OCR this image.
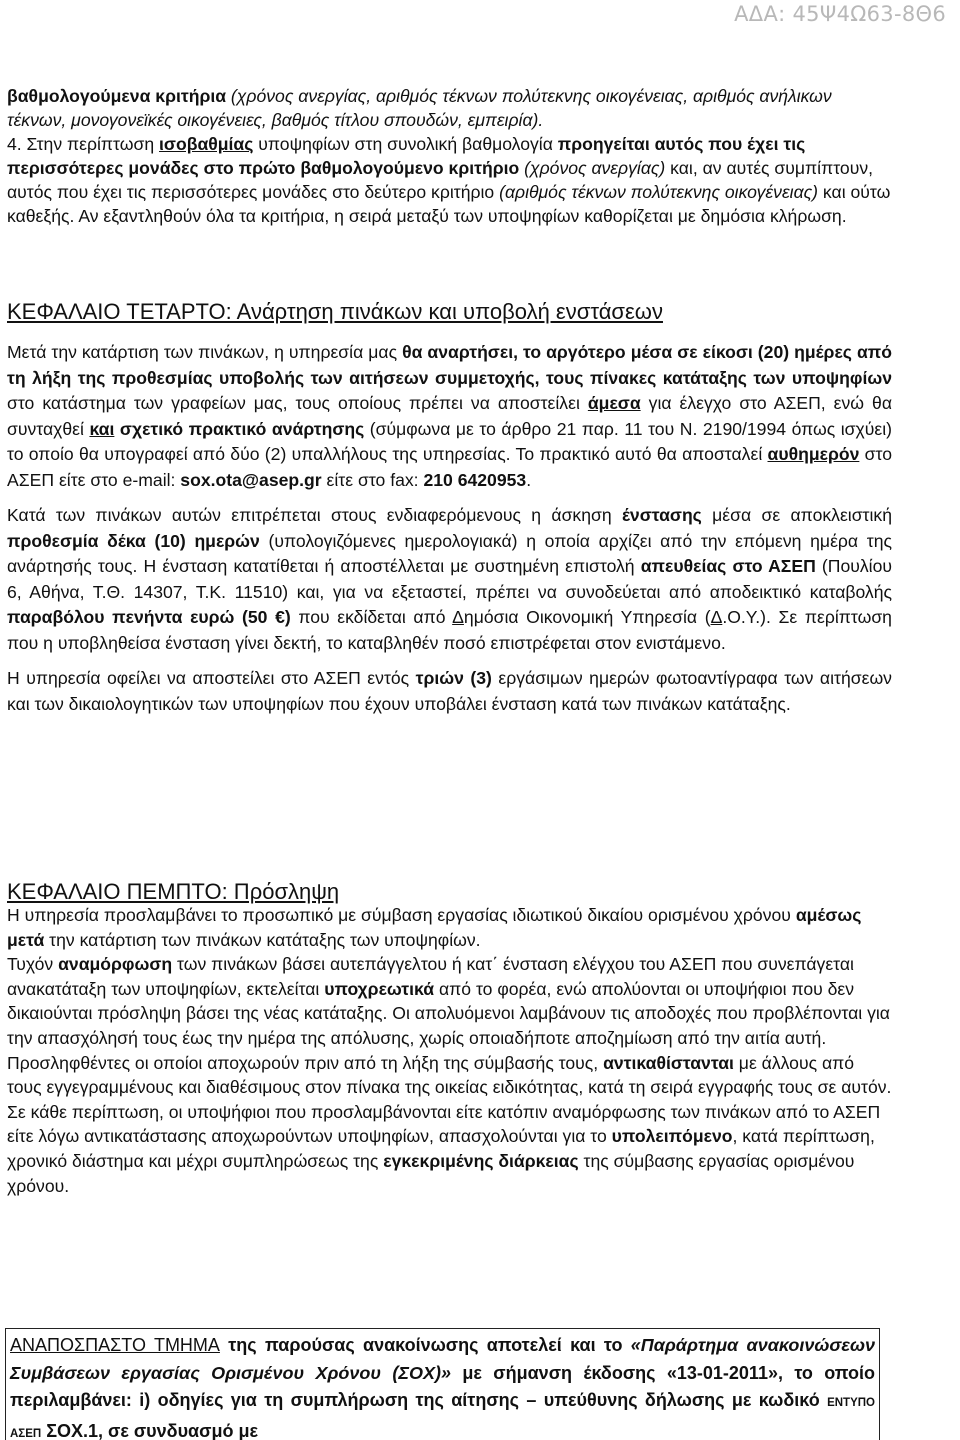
ΑΔΑ: 45Ψ4Ω63-8Θ6

βαθμολογούμενα κριτήρια (χρόνος ανεργίας, αριθμός τέκνων πολύτεκνης οικογένειας, αριθμός ανήλικων τέκνων, μονογονεϊκές οικογένειες, βαθμός τίτλου σπουδών, εμπειρία).

4. Στην περίπτωση ισοβαθμίας υποψηφίων στη συνολική βαθμολογία προηγείται αυτός που έχει τις περισσότερες μονάδες στο πρώτο βαθμολογούμενο κριτήριο (χρόνος ανεργίας) και, αν αυτές συμπίπτουν, αυτός που έχει τις περισσότερες μονάδες στο δεύτερο κριτήριο (αριθμός τέκνων πολύτεκνης οικογένειας) και ούτω καθεξής. Αν εξαντληθούν όλα τα κριτήρια, η σειρά μεταξύ των υποψηφίων καθορίζεται με δημόσια κλήρωση.

ΚΕΦΑΛΑΙΟ ΤΕΤΑΡΤΟ: Ανάρτηση πινάκων και υποβολή ενστάσεων

Μετά την κατάρτιση των πινάκων, η υπηρεσία μας θα αναρτήσει, το αργότερο μέσα σε είκοσι (20) ημέρες από τη λήξη της προθεσμίας υποβολής των αιτήσεων συμμετοχής, τους πίνακες κατάταξης των υποψηφίων στο κατάστημα των γραφείων μας, τους οποίους πρέπει να αποστείλει άμεσα για έλεγχο στο ΑΣΕΠ, ενώ θα συνταχθεί και σχετικό πρακτικό ανάρτησης (σύμφωνα με το άρθρο 21 παρ. 11 του Ν. 2190/1994 όπως ισχύει) το οποίο θα υπογραφεί από δύο (2) υπαλλήλους της υπηρεσίας. Το πρακτικό αυτό θα αποσταλεί αυθημερόν στο ΑΣΕΠ είτε στο e-mail: sox.ota@asep.gr είτε στο fax: 210 6420953.

Κατά των πινάκων αυτών επιτρέπεται στους ενδιαφερόμενους η άσκηση ένστασης μέσα σε αποκλειστική προθεσμία δέκα (10) ημερών (υπολογιζόμενες ημερολογιακά) η οποία αρχίζει από την επόμενη ημέρα της ανάρτησής τους. Η ένσταση κατατίθεται ή αποστέλλεται με συστημένη επιστολή απευθείας στο ΑΣΕΠ (Πουλίου 6, Αθήνα, Τ.Θ. 14307, Τ.Κ. 11510) και, για να εξεταστεί, πρέπει να συνοδεύεται από αποδεικτικό καταβολής παραβόλου πενήντα ευρώ (50 €) που εκδίδεται από Δημόσια Οικονομική Υπηρεσία (Δ.Ο.Υ.). Σε περίπτωση που η υποβληθείσα ένσταση γίνει δεκτή, το καταβληθέν ποσό επιστρέφεται στον ενιστάμενο.

Η υπηρεσία οφείλει να αποστείλει στο ΑΣΕΠ εντός τριών (3) εργάσιμων ημερών φωτοαντίγραφα των αιτήσεων και των δικαιολογητικών των υποψηφίων που έχουν υποβάλει ένσταση κατά των πινάκων κατάταξης.

ΚΕΦΑΛΑΙΟ ΠΕΜΠΤΟ: Πρόσληψη

Η υπηρεσία προσλαμβάνει το προσωπικό με σύμβαση εργασίας ιδιωτικού δικαίου ορισμένου χρόνου αμέσως μετά την κατάρτιση των πινάκων κατάταξης των υποψηφίων.

Τυχόν αναμόρφωση των πινάκων βάσει αυτεπάγγελτου ή κατ΄ ένσταση ελέγχου του ΑΣΕΠ που συνεπάγεται ανακατάταξη των υποψηφίων, εκτελείται υποχρεωτικά από το φορέα, ενώ απολύονται οι υποψήφιοι που δεν δικαιούνται πρόσληψη βάσει της νέας κατάταξης. Οι απολυόμενοι λαμβάνουν τις αποδοχές που προβλέπονται για την απασχόλησή τους έως την ημέρα της απόλυσης, χωρίς οποιαδήποτε αποζημίωση από την αιτία αυτή.

Προσληφθέντες οι οποίοι αποχωρούν πριν από τη λήξη της σύμβασής τους, αντικαθίστανται με άλλους από τους εγγεγραμμένους και διαθέσιμους στον πίνακα της οικείας ειδικότητας, κατά τη σειρά εγγραφής τους σε αυτόν.

Σε κάθε περίπτωση, οι υποψήφιοι που προσλαμβάνονται είτε κατόπιν αναμόρφωσης των πινάκων από το ΑΣΕΠ είτε λόγω αντικατάστασης αποχωρούντων υποψηφίων, απασχολούνται για το υπολειπόμενο, κατά περίπτωση, χρονικό διάστημα και μέχρι συμπληρώσεως της εγκεκριμένης διάρκειας της σύμβασης εργασίας ορισμένου χρόνου.

ΑΝΑΠΟΣΠΑΣΤΟ ΤΜΗΜΑ της παρούσας ανακοίνωσης αποτελεί και το «Παράρτημα ανακοινώσεων Συμβάσεων εργασίας Ορισμένου Χρόνου (ΣΟΧ)» με σήμανση έκδοσης «13-01-2011», το οποίο περιλαμβάνει: i) οδηγίες για τη συμπλήρωση της αίτησης – υπεύθυνης δήλωσης με κωδικό ΕΝΤΥΠΟ ΑΣΕΠ ΣΟΧ.1, σε συνδυασμό με
